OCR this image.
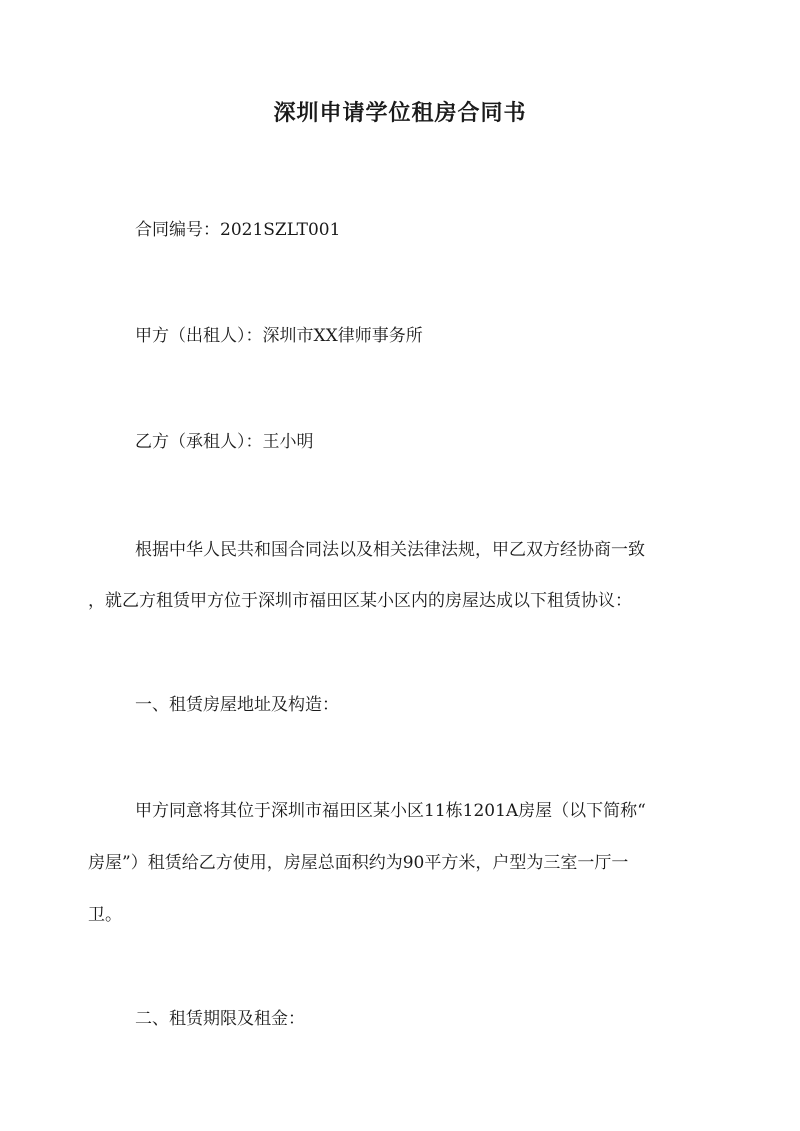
深圳申请学位租房合同书

合同编号：2021SZLT001

甲方（出租人）：深圳市XX律师事务所

乙方（承租人）：王小明

根据中华人民共和国合同法以及相关法律法规，甲乙双方经协商一致

，就乙方租赁甲方位于深圳市福田区某小区内的房屋达成以下租赁协议：

一、租赁房屋地址及构造：

甲方同意将其位于深圳市福田区某小区11栋1201A房屋（以下简称“

房屋”）租赁给乙方使用，房屋总面积约为90平方米，户型为三室一厅一

卫。

二、租赁期限及租金：
